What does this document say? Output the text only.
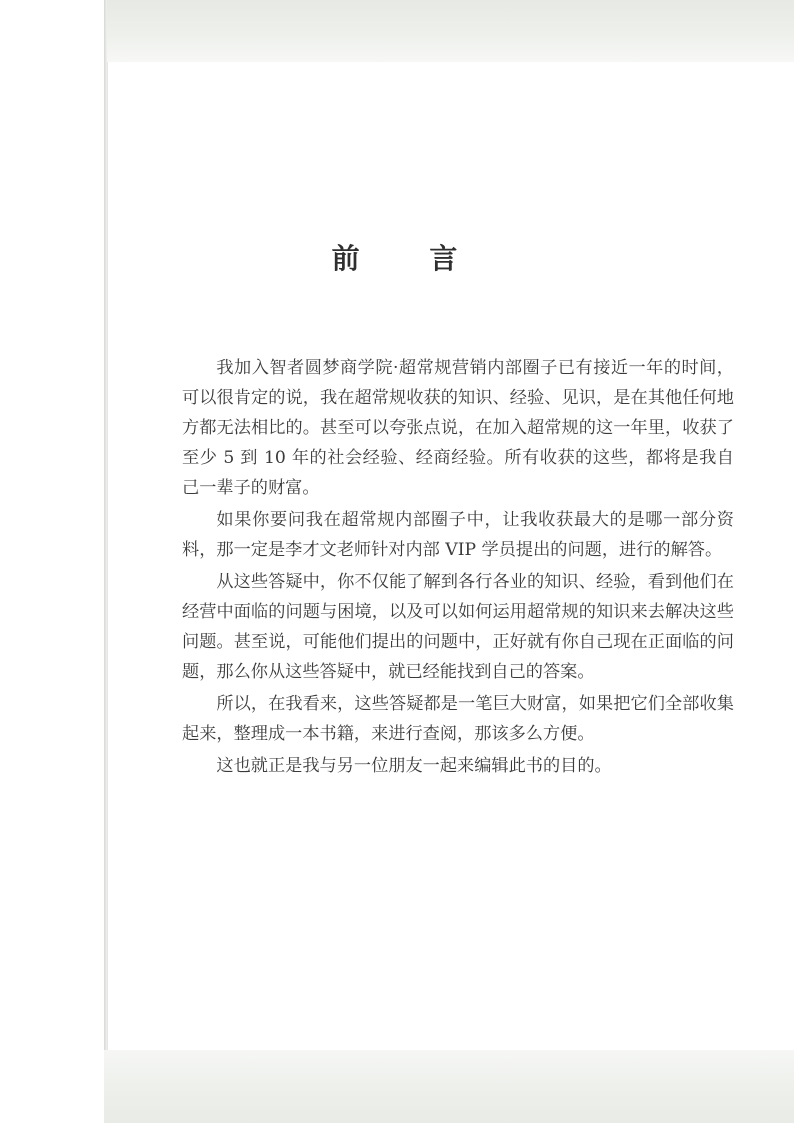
前 言

我加入智者圆梦商学院·超常规营销内部圈子已有接近一年的时间，可以很肯定的说，我在超常规收获的知识、经验、见识，是在其他任何地方都无法相比的。甚至可以夸张点说，在加入超常规的这一年里，收获了至少 5 到 10 年的社会经验、经商经验。所有收获的这些，都将是我自己一辈子的财富。

如果你要问我在超常规内部圈子中，让我收获最大的是哪一部分资料，那一定是李才文老师针对内部 VIP 学员提出的问题，进行的解答。

从这些答疑中，你不仅能了解到各行各业的知识、经验，看到他们在经营中面临的问题与困境，以及可以如何运用超常规的知识来去解决这些问题。甚至说，可能他们提出的问题中，正好就有你自己现在正面临的问题，那么你从这些答疑中，就已经能找到自己的答案。

所以，在我看来，这些答疑都是一笔巨大财富，如果把它们全部收集起来，整理成一本书籍，来进行查阅，那该多么方便。

这也就正是我与另一位朋友一起来编辑此书的目的。
